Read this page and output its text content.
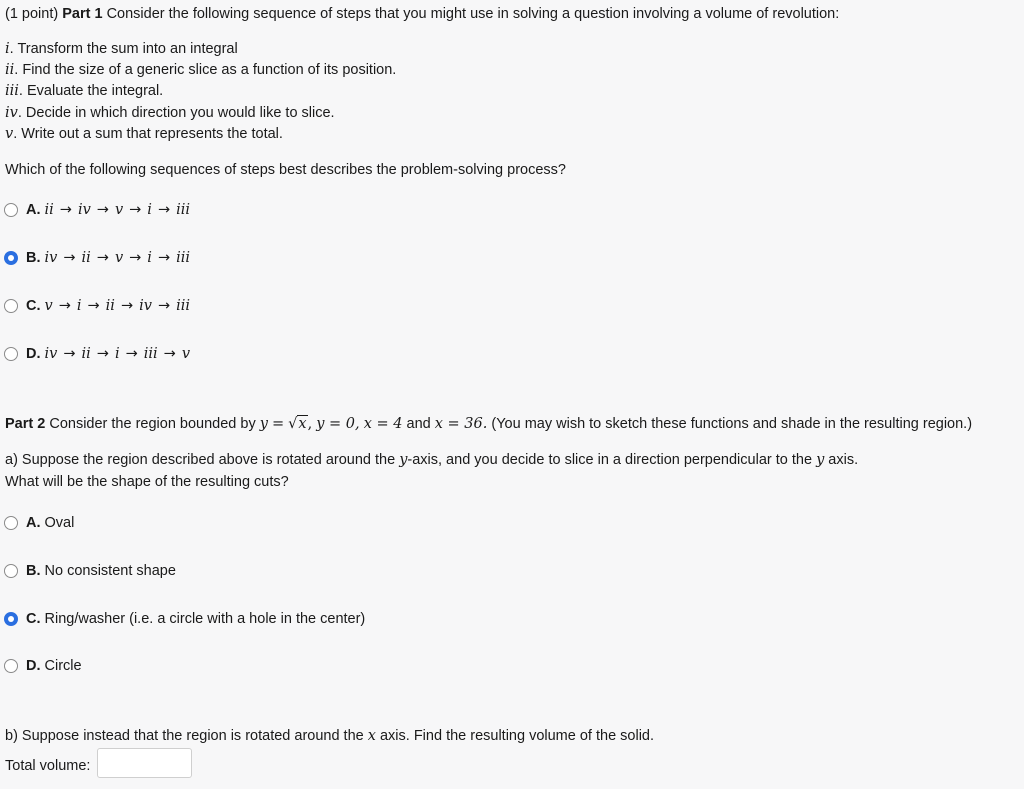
(1 point) Part 1 Consider the following sequence of steps that you might use in solving a question involving a volume of revolution:
i. Transform the sum into an integral
ii. Find the size of a generic slice as a function of its position.
iii. Evaluate the integral.
iv. Decide in which direction you would like to slice.
v. Write out a sum that represents the total.
Which of the following sequences of steps best describes the problem-solving process?
A. ii → iv → v → i → iii
B. iv → ii → v → i → iii
C. v → i → ii → iv → iii
D. iv → ii → i → iii → v
Part 2 Consider the region bounded by y = √x, y = 0, x = 4 and x = 36. (You may wish to sketch these functions and shade in the resulting region.)
a) Suppose the region described above is rotated around the y-axis, and you decide to slice in a direction perpendicular to the y axis.
What will be the shape of the resulting cuts?
A. Oval
B. No consistent shape
C. Ring/washer (i.e. a circle with a hole in the center)
D. Circle
b) Suppose instead that the region is rotated around the x axis. Find the resulting volume of the solid.
Total volume:
